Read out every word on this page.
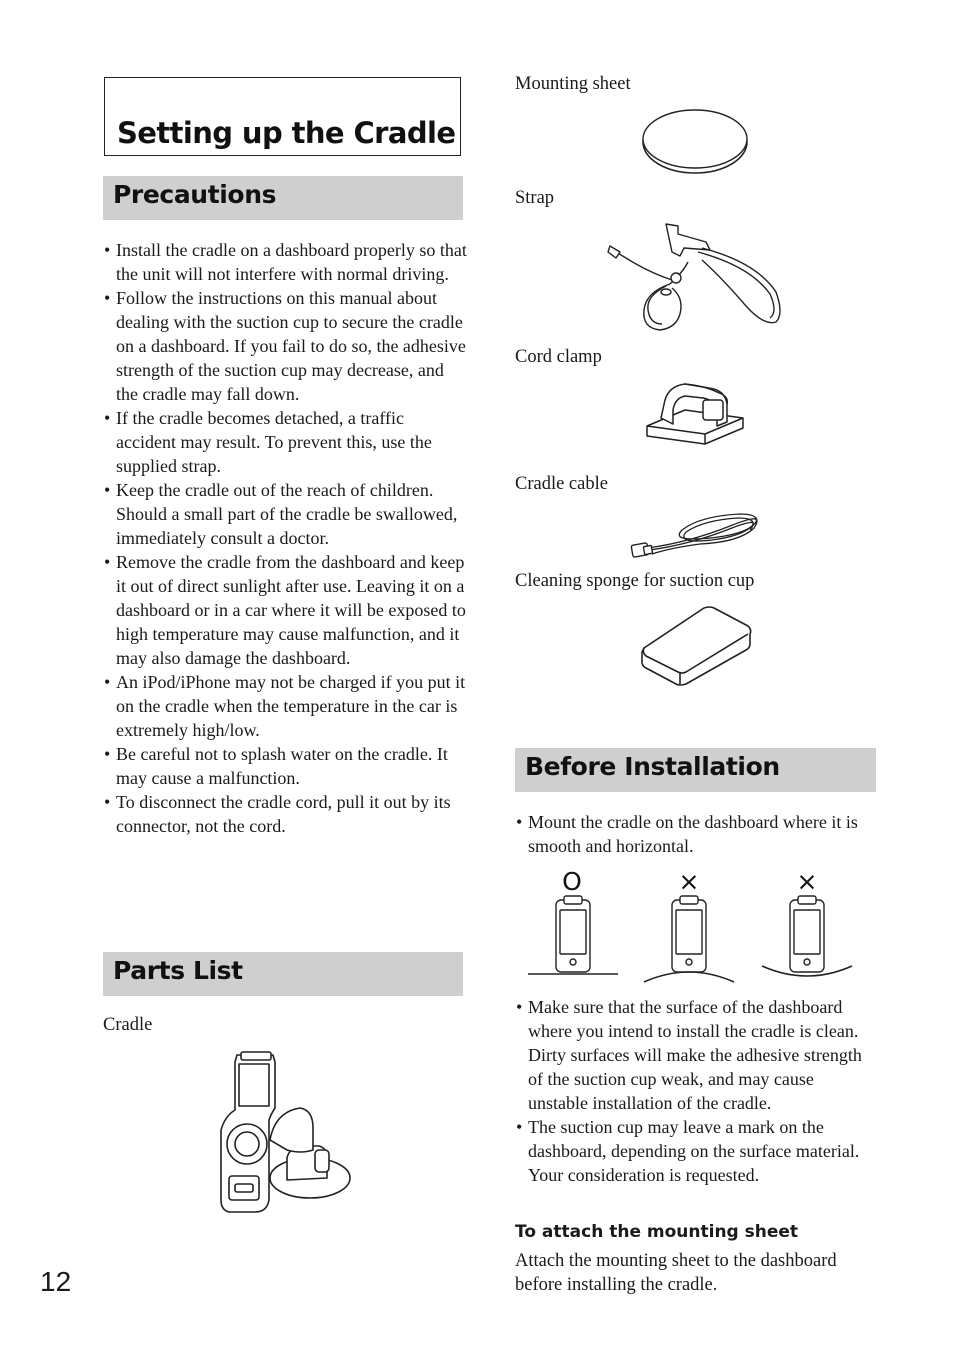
Setting up the Cradle
Precautions
• Install the cradle on a dashboard properly so that the unit will not interfere with normal driving.
• Follow the instructions on this manual about dealing with the suction cup to secure the cradle on a dashboard. If you fail to do so, the adhesive strength of the suction cup may decrease, and the cradle may fall down.
• If the cradle becomes detached, a traffic accident may result. To prevent this, use the supplied strap.
• Keep the cradle out of the reach of children. Should a small part of the cradle be swallowed, immediately consult a doctor.
• Remove the cradle from the dashboard and keep it out of direct sunlight after use. Leaving it on a dashboard or in a car where it will be exposed to high temperature may cause malfunction, and it may also damage the dashboard.
• An iPod/iPhone may not be charged if you put it on the cradle when the temperature in the car is extremely high/low.
• Be careful not to splash water on the cradle. It may cause a malfunction.
• To disconnect the cradle cord, pull it out by its connector, not the cord.
Parts List
Cradle
Mounting sheet
Strap
Cord clamp
Cradle cable
Cleaning sponge for suction cup
Before Installation
• Mount the cradle on the dashboard where it is smooth and horizontal.
O	×	×
• Make sure that the surface of the dashboard where you intend to install the cradle is clean. Dirty surfaces will make the adhesive strength of the suction cup weak, and may cause unstable installation of the cradle.
• The suction cup may leave a mark on the dashboard, depending on the surface material. Your consideration is requested.
To attach the mounting sheet
Attach the mounting sheet to the dashboard before installing the cradle.
12
